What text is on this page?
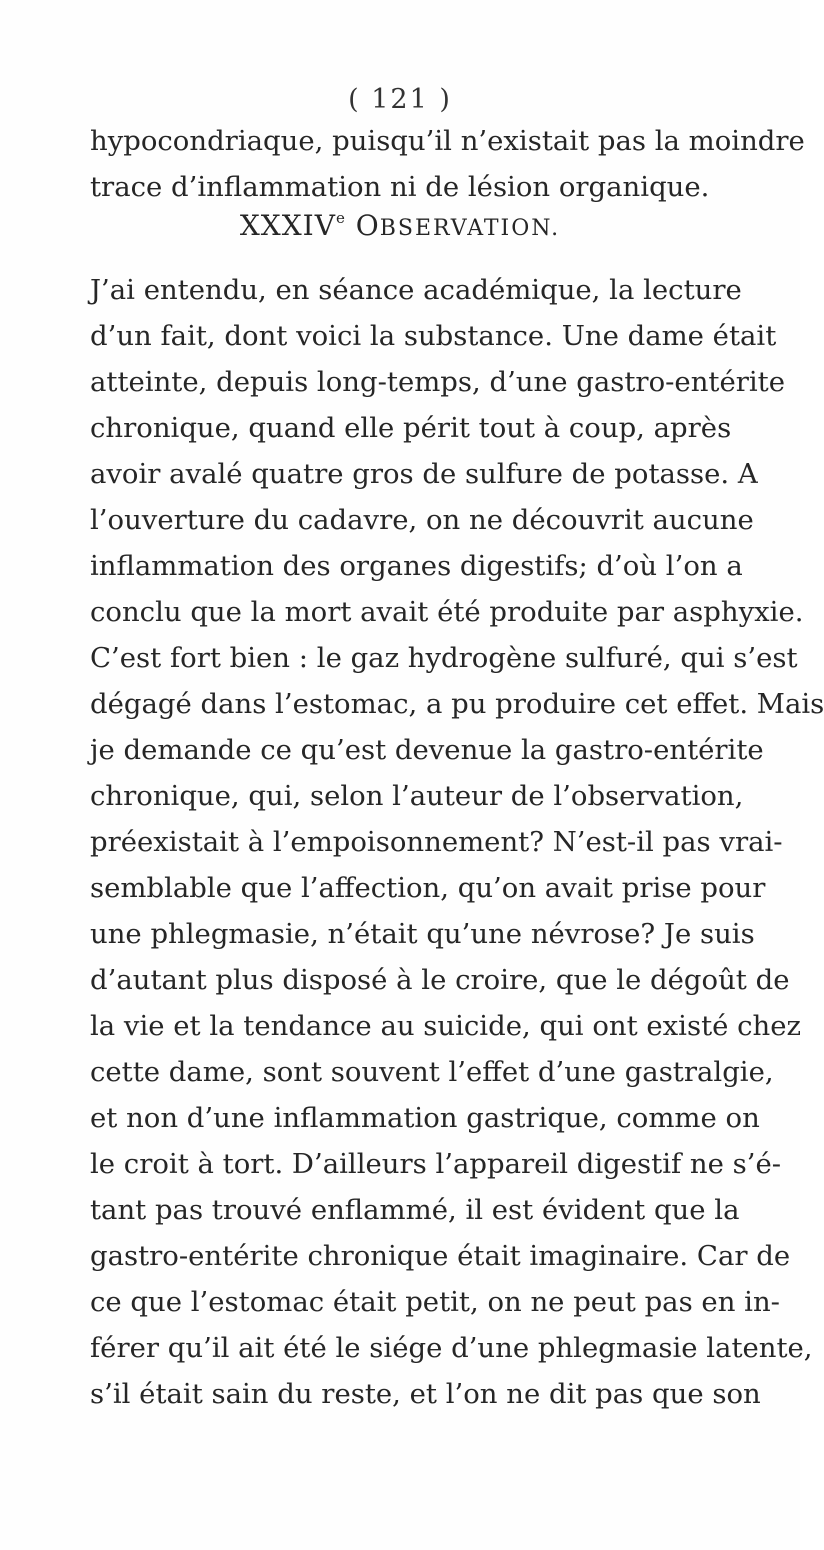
( 121 )
hypocondriaque, puisqu’il n’existait pas la moindre
trace d’inflammation ni de lésion organique.
XXXIVe OBSERVATION.
J’ai entendu, en séance académique, la lecture
d’un fait, dont voici la substance. Une dame était
atteinte, depuis long-temps, d’une gastro-entérite
chronique, quand elle périt tout à coup, après
avoir avalé quatre gros de sulfure de potasse. A
l’ouverture du cadavre, on ne découvrit aucune
inflammation des organes digestifs; d’où l’on a
conclu que la mort avait été produite par asphyxie.
C’est fort bien : le gaz hydrogène sulfuré, qui s’est
dégagé dans l’estomac, a pu produire cet effet. Mais
je demande ce qu’est devenue la gastro-entérite
chronique, qui, selon l’auteur de l’observation,
préexistait à l’empoisonnement? N’est-il pas vrai-
semblable que l’affection, qu’on avait prise pour
une phlegmasie, n’était qu’une névrose? Je suis
d’autant plus disposé à le croire, que le dégoût de
la vie et la tendance au suicide, qui ont existé chez
cette dame, sont souvent l’effet d’une gastralgie,
et non d’une inflammation gastrique, comme on
le croit à tort. D’ailleurs l’appareil digestif ne s’é-
tant pas trouvé enflammé, il est évident que la
gastro-entérite chronique était imaginaire. Car de
ce que l’estomac était petit, on ne peut pas en in-
férer qu’il ait été le siége d’une phlegmasie latente,
s’il était sain du reste, et l’on ne dit pas que son
